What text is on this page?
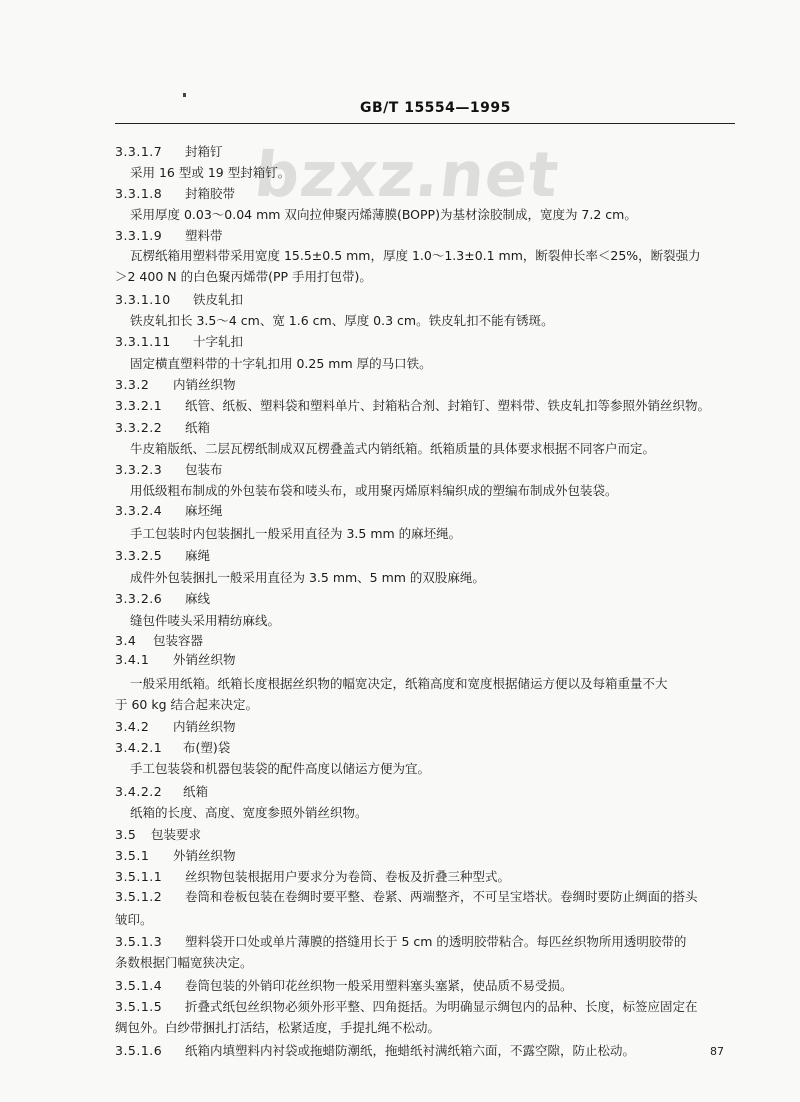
GB/T 15554—1995
bzxz.net
3.3.1.7 封箱钉
采用 16 型或 19 型封箱钉。
3.3.1.8 封箱胶带
采用厚度 0.03～0.04 mm 双向拉伸聚丙烯薄膜(BOPP)为基材涂胶制成，宽度为 7.2 cm。
3.3.1.9 塑料带
瓦楞纸箱用塑料带采用宽度 15.5±0.5 mm，厚度 1.0～1.3±0.1 mm，断裂伸长率＜25%，断裂强力
＞2 400 N 的白色聚丙烯带(PP 手用打包带)。
3.3.1.10 铁皮轧扣
铁皮轧扣长 3.5～4 cm、宽 1.6 cm、厚度 0.3 cm。铁皮轧扣不能有锈斑。
3.3.1.11 十字轧扣
固定横直塑料带的十字轧扣用 0.25 mm 厚的马口铁。
3.3.2 内销丝织物
3.3.2.1 纸管、纸板、塑料袋和塑料单片、封箱粘合剂、封箱钉、塑料带、铁皮轧扣等参照外销丝织物。
3.3.2.2 纸箱
牛皮箱版纸、二层瓦楞纸制成双瓦楞叠盖式内销纸箱。纸箱质量的具体要求根据不同客户而定。
3.3.2.3 包装布
用低级粗布制成的外包装布袋和唛头布，或用聚丙烯原料编织成的塑编布制成外包装袋。
3.3.2.4 麻坯绳
手工包装时内包装捆扎一般采用直径为 3.5 mm 的麻坯绳。
3.3.2.5 麻绳
成件外包装捆扎一般采用直径为 3.5 mm、5 mm 的双股麻绳。
3.3.2.6 麻线
缝包件唛头采用精纺麻线。
3.4 包装容器
3.4.1 外销丝织物
一般采用纸箱。纸箱长度根据丝织物的幅宽决定，纸箱高度和宽度根据储运方便以及每箱重量不大
于 60 kg 结合起来决定。
3.4.2 内销丝织物
3.4.2.1 布(塑)袋
手工包装袋和机器包装袋的配件高度以储运方便为宜。
3.4.2.2 纸箱
纸箱的长度、高度、宽度参照外销丝织物。
3.5 包装要求
3.5.1 外销丝织物
3.5.1.1 丝织物包装根据用户要求分为卷筒、卷板及折叠三种型式。
3.5.1.2 卷筒和卷板包装在卷绸时要平整、卷紧、两端整齐，不可呈宝塔状。卷绸时要防止绸面的搭头
皱印。
3.5.1.3 塑料袋开口处或单片薄膜的搭缝用长于 5 cm 的透明胶带粘合。每匹丝织物所用透明胶带的
条数根据门幅宽狭决定。
3.5.1.4 卷筒包装的外销印花丝织物一般采用塑料塞头塞紧，使品质不易受损。
3.5.1.5 折叠式纸包丝织物必须外形平整、四角挺括。为明确显示绸包内的品种、长度，标签应固定在
绸包外。白纱带捆扎打活结，松紧适度，手提扎绳不松动。
3.5.1.6 纸箱内填塑料内衬袋或拖蜡防潮纸，拖蜡纸衬满纸箱六面，不露空隙，防止松动。	87
